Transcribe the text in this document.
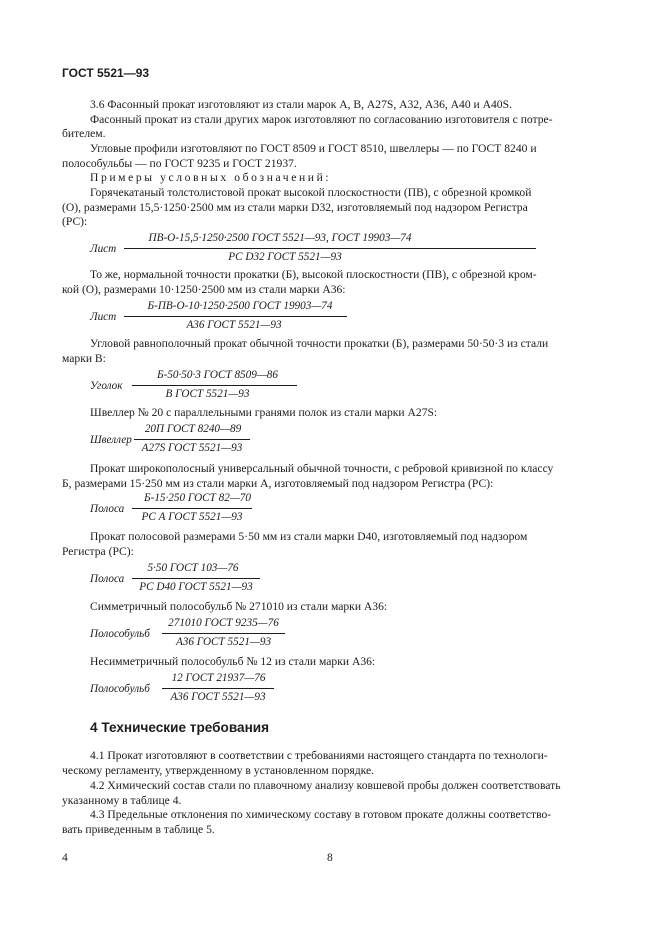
ГОСТ 5521—93
3.6 Фасонный прокат изготовляют из стали марок А, В, А27S, А32, А36, А40 и А40S.
Фасонный прокат из стали других марок изготовляют по согласованию изготовителя с потре-
бителем.
Угловые профили изготовляют по ГОСТ 8509 и ГОСТ 8510, швеллеры — по ГОСТ 8240 и
полособульбы — по ГОСТ 9235 и ГОСТ 21937.
Примеры условных обозначений:
Горячекатаный толстолистовой прокат высокой плоскостности (ПВ), с обрезной кромкой
(О), размерами 15,5·1250·2500 мм из стали марки D32, изготовляемый под надзором Регистра
(РС):
Лист
ПВ-О-15,5·1250·2500 ГОСТ 5521—93, ГОСТ 19903—74
РС D32 ГОСТ 5521—93
То же, нормальной точности прокатки (Б), высокой плоскостности (ПВ), с обрезной кром-
кой (О), размерами 10·1250·2500 мм из стали марки А36:
Лист
Б-ПВ-О-10·1250·2500 ГОСТ 19903—74
А36 ГОСТ 5521—93
Угловой равнополочный прокат обычной точности прокатки (Б), размерами 50·50·3 из стали
марки В:
Уголок
Б-50·50·3 ГОСТ 8509—86
В ГОСТ 5521—93
Швеллер № 20 с параллельными гранями полок из стали марки А27S:
Швеллер
20П ГОСТ 8240—89
А27S ГОСТ 5521—93
Прокат широкополосный универсальный обычной точности, с ребровой кривизной по классу
Б, размерами 15·250 мм из стали марки А, изготовляемый под надзором Регистра (РС):
Полоса
Б-15·250 ГОСТ 82—70
РС А ГОСТ 5521—93
Прокат полосовой размерами 5·50 мм из стали марки D40, изготовляемый под надзором
Регистра (РС):
Полоса
5·50 ГОСТ 103—76
РС D40 ГОСТ 5521—93
Симметричный полособульб № 271010 из стали марки А36:
Полособульб
271010 ГОСТ 9235—76
А36 ГОСТ 5521—93
Несимметричный полособульб № 12 из стали марки А36:
Полособульб
12 ГОСТ 21937—76
А36 ГОСТ 5521—93
4 Технические требования
4.1 Прокат изготовляют в соответствии с требованиями настоящего стандарта по технологи-
ческому регламенту, утвержденному в установленном порядке.
4.2 Химический состав стали по плавочному анализу ковшевой пробы должен соответствовать
указанному в таблице 4.
4.3 Предельные отклонения по химическому составу в готовом прокате должны соответство-
вать приведенным в таблице 5.
4	8
